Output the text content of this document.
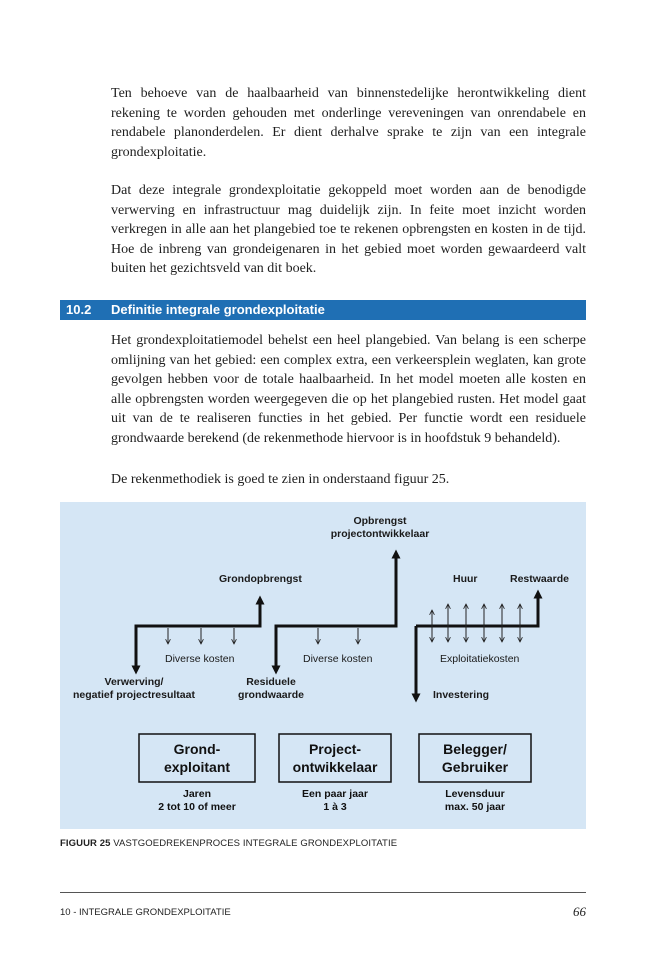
Ten behoeve van de haalbaarheid van binnenstedelijke herontwikkeling dient rekening te worden gehouden met onderlinge vereveningen van onrendabele en rendabele planonderdelen. Er dient derhalve sprake te zijn van een integrale grondexploitatie.

Dat deze integrale grondexploitatie gekoppeld moet worden aan de benodigde verwerving en infrastructuur mag duidelijk zijn. In feite moet inzicht worden verkregen in alle aan het plangebied toe te rekenen opbrengsten en kosten in de tijd. Hoe de inbreng van grondeigenaren in het gebied moet worden gewaardeerd valt buiten het gezichtsveld van dit boek.

10.2 Definitie integrale grondexploitatie

Het grondexploitatiemodel behelst een heel plangebied. Van belang is een scherpe omlijning van het gebied: een complex extra, een verkeersplein weglaten, kan grote gevolgen hebben voor de totale haalbaarheid. In het model moeten alle kosten en alle opbrengsten worden weergegeven die op het plangebied rusten. Het model gaat uit van de te realiseren functies in het gebied. Per functie wordt een residuele grondwaarde berekend (de rekenmethode hiervoor is in hoofdstuk 9 behandeld).

De rekenmethodiek is goed te zien in onderstaand figuur 25.

Grondopbrengst
Opbrengst
projectontwikkelaar
Huur	Restwaarde
Diverse kosten	Diverse kosten	Exploitatiekosten
Verwerving/
negatief projectresultaat
Residuele
grondwaarde	Investering
Grond-
exploitant
Jaren
2 tot 10 of meer
Project-
ontwikkelaar
Een paar jaar
1 à 3
Belegger/
Gebruiker
Levensduur
max. 50 jaar
FIGUUR 25 VASTGOEDREKENPROCES INTEGRALE GRONDEXPLOITATIE
10 - INTEGRALE GRONDEXPLOITATIE	66
